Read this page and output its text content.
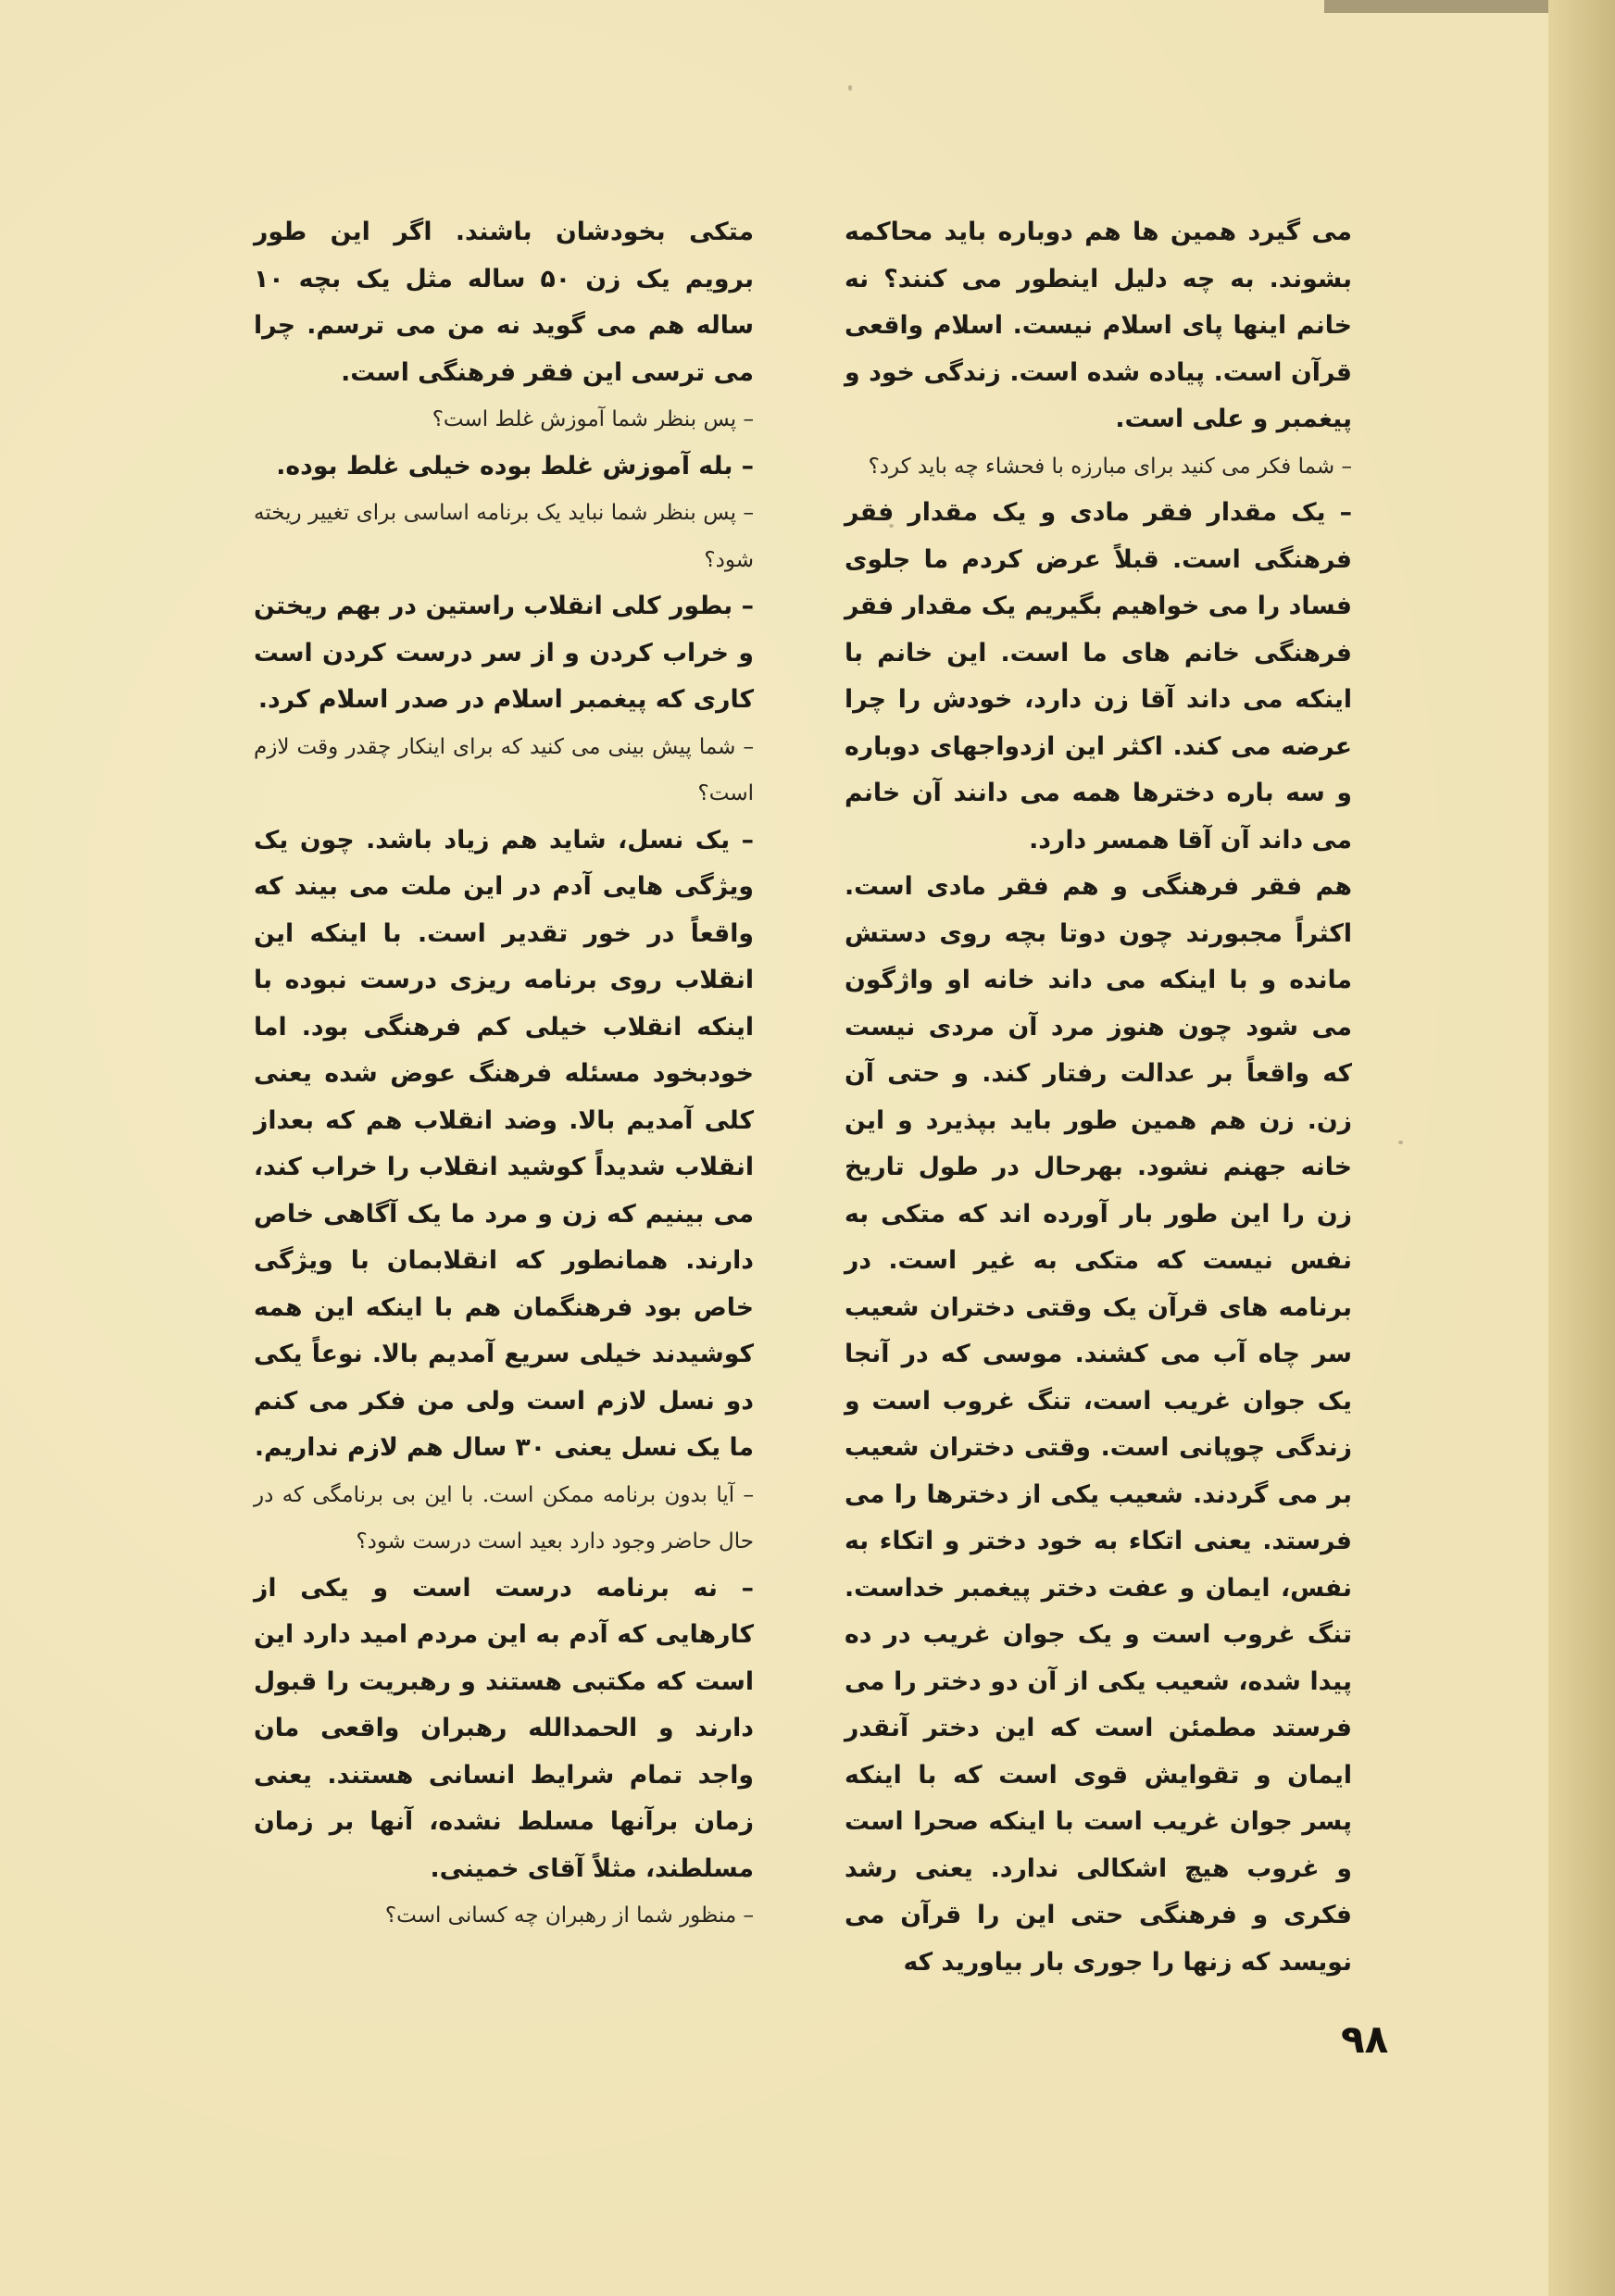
می گیرد همین ها هم دوباره باید محاکمه بشوند. به چه دلیل اینطور می کنند؟ نه خانم اینها پای اسلام نیست. اسلام واقعی قرآن است. پیاده شده است. زندگی خود و پیغمبر و علی است.

– شما فکر می کنید برای مبارزه با فحشاء چه باید کرد؟

– یک مقدار فقر مادی و یک مقدار فقر فرهنگی است. قبلاً عرض کردم ما جلوی فساد را می خواهیم بگیریم یک مقدار فقر فرهنگی خانم های ما است. این خانم با اینکه می داند آقا زن دارد، خودش را چرا عرضه می کند. اکثر این ازدواجهای دوباره و سه باره دخترها همه می دانند آن خانم می داند آن آقا همسر دارد.

هم فقر فرهنگی و هم فقر مادی است. اکثراً مجبورند چون دوتا بچه روی دستش مانده و با اینکه می داند خانه او واژگون می شود چون هنوز مرد آن مردی نیست که واقعاً بر عدالت رفتار کند. و حتی آن زن. زن هم همین طور باید بپذیرد و این خانه جهنم نشود. بهرحال در طول تاریخ زن را این طور بار آورده اند که متکی به نفس نیست که متکی به غیر است. در برنامه های قرآن یک وقتی دختران شعیب سر چاه آب می کشند. موسی که در آنجا یک جوان غریب است، تنگ غروب است و زندگی چوپانی است. وقتی دختران شعیب بر می گردند. شعیب یکی از دخترها را می فرستد. یعنی اتکاء به خود دختر و اتکاء به نفس، ایمان و عفت دختر پیغمبر خداست. تنگ غروب است و یک جوان غریب در ده پیدا شده، شعیب یکی از آن دو دختر را می فرستد مطمئن است که این دختر آنقدر ایمان و تقوایش قوی است که با اینکه پسر جوان غریب است با اینکه صحرا است و غروب هیچ اشکالی ندارد. یعنی رشد فکری و فرهنگی حتی این را قرآن می نویسد که زنها را جوری بار بیاورید که

متکی بخودشان باشند. اگر این طور برویم یک زن ۵۰ ساله مثل یک بچه ۱۰ ساله هم می گوید نه من می ترسم. چرا می ترسی این فقر فرهنگی است.

– پس بنظر شما آموزش غلط است؟

– بله آموزش غلط بوده خیلی غلط بوده.

– پس بنظر شما نباید یک برنامه اساسی برای تغییر ریخته شود؟

– بطور کلی انقلاب راستین در بهم ریختن و خراب کردن و از سر درست کردن است کاری که پیغمبر اسلام در صدر اسلام کرد.

– شما پیش بینی می کنید که برای اینکار چقدر وقت لازم است؟

– یک نسل، شاید هم زیاد باشد. چون یک ویژگی هایی آدم در این ملت می بیند که واقعاً در خور تقدیر است. با اینکه این انقلاب روی برنامه ریزی درست نبوده با اینکه انقلاب خیلی کم فرهنگی بود. اما خودبخود مسئله فرهنگ عوض شده یعنی کلی آمدیم بالا. وضد انقلاب هم که بعداز انقلاب شدیداً کوشید انقلاب را خراب کند، می بینیم که زن و مرد ما یک آگاهی خاص دارند. همانطور که انقلابمان با ویژگی خاص بود فرهنگمان هم با اینکه این همه کوشیدند خیلی سریع آمدیم بالا. نوعاً یکی دو نسل لازم است ولی من فکر می کنم ما یک نسل یعنی ۳۰ سال هم لازم نداریم.

– آیا بدون برنامه ممکن است. با این بی برنامگی که در حال حاضر وجود دارد بعید است درست شود؟

– نه برنامه درست است و یکی از کارهایی که آدم به این مردم امید دارد این است که مکتبی هستند و رهبریت را قبول دارند و الحمدالله رهبران واقعی مان واجد تمام شرایط انسانی هستند. یعنی زمان برآنها مسلط نشده، آنها بر زمان مسلطند، مثلاً آقای خمینی.

– منظور شما از رهبران چه کسانی است؟

۹۸
